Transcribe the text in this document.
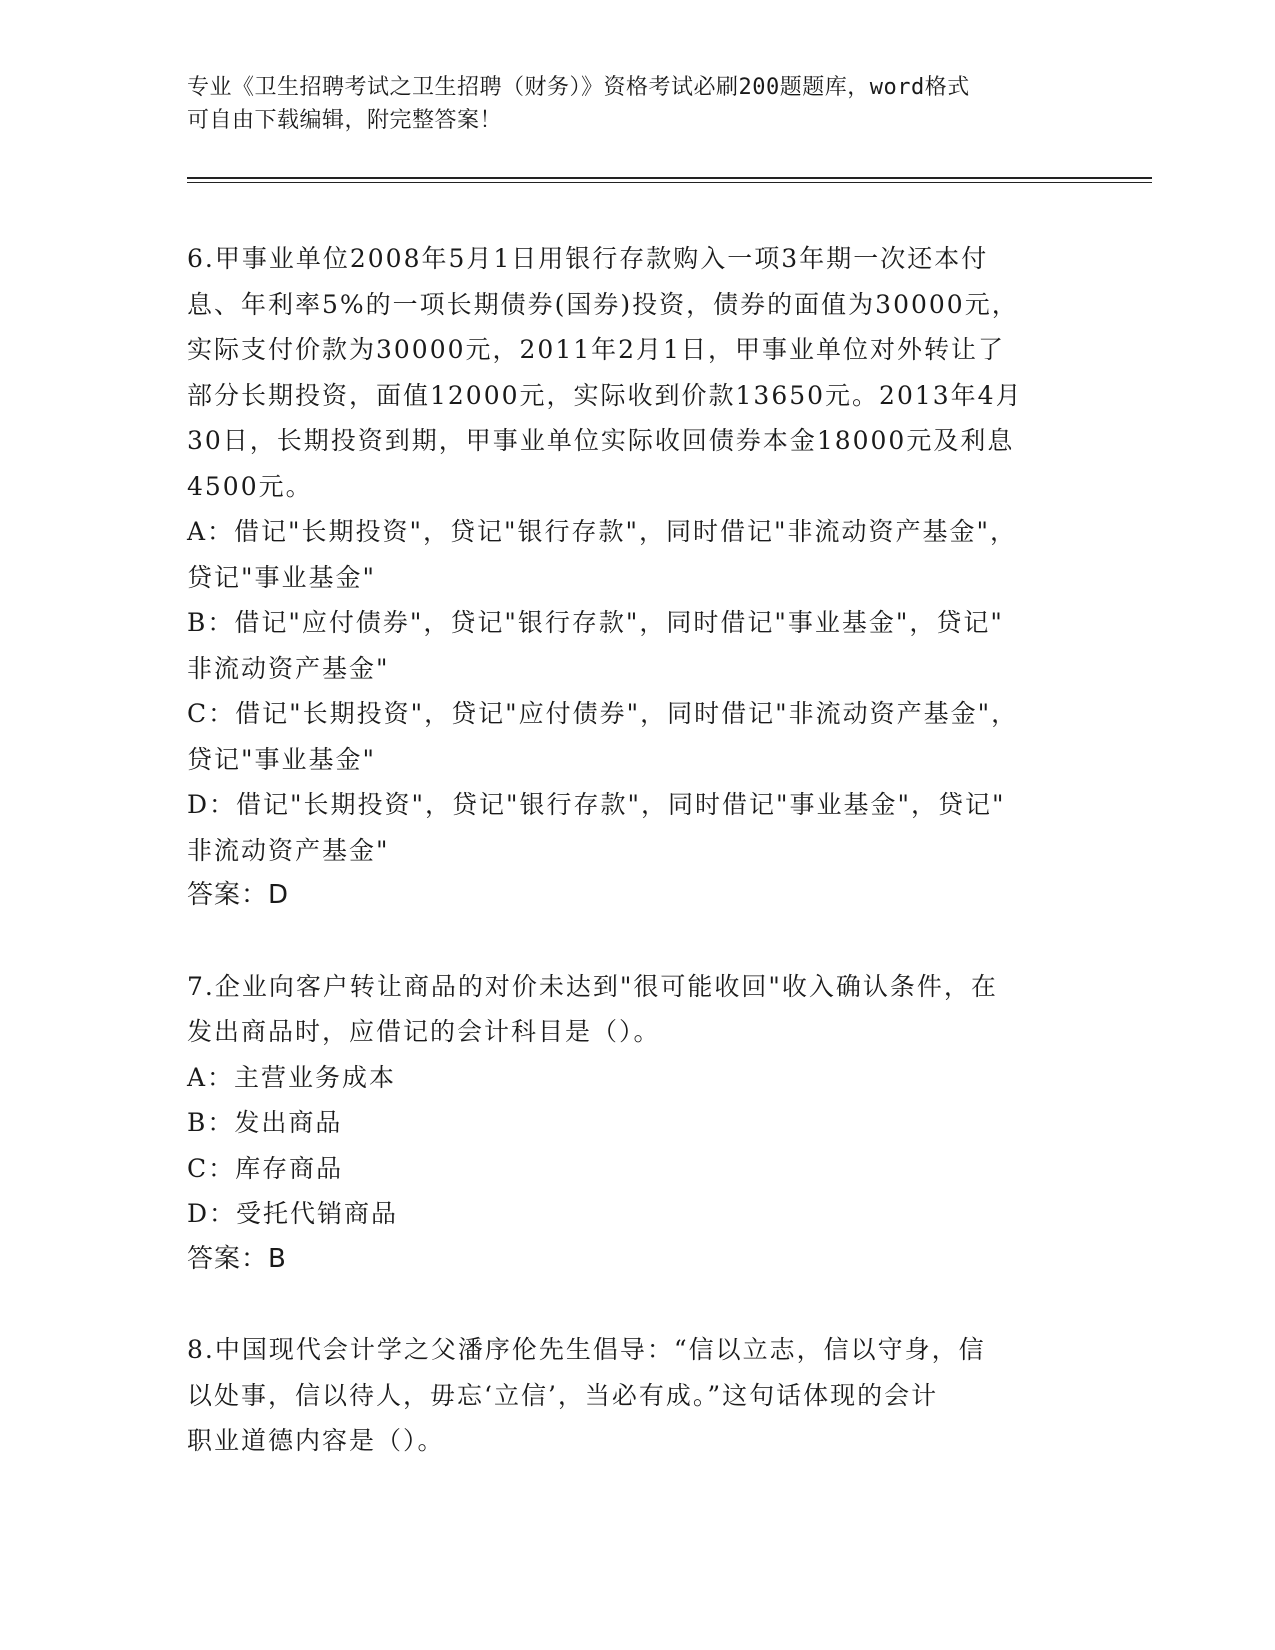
专业《卫生招聘考试之卫生招聘（财务）》资格考试必刷200题题库，word格式
可自由下载编辑，附完整答案！
6.甲事业单位2008年5月1日用银行存款购入一项3年期一次还本付
息、年利率5%的一项长期债券(国券)投资，债券的面值为30000元，
实际支付价款为30000元，2011年2月1日，甲事业单位对外转让了
部分长期投资，面值12000元，实际收到价款13650元。2013年4月
30日，长期投资到期，甲事业单位实际收回债券本金18000元及利息
4500元。
A：借记"长期投资"，贷记"银行存款"，同时借记"非流动资产基金"，
贷记"事业基金"
B：借记"应付债券"，贷记"银行存款"，同时借记"事业基金"，贷记"
非流动资产基金"
C：借记"长期投资"，贷记"应付债券"，同时借记"非流动资产基金"，
贷记"事业基金"
D：借记"长期投资"，贷记"银行存款"，同时借记"事业基金"，贷记"
非流动资产基金"
答案：D
7.企业向客户转让商品的对价未达到"很可能收回"收入确认条件，在
发出商品时，应借记的会计科目是（）。
A：主营业务成本
B：发出商品
C：库存商品
D：受托代销商品
答案：B
8.中国现代会计学之父潘序伦先生倡导：“信以立志，信以守身，信
以处事，信以待人，毋忘‘立信’，当必有成。”这句话体现的会计
职业道德内容是（）。
